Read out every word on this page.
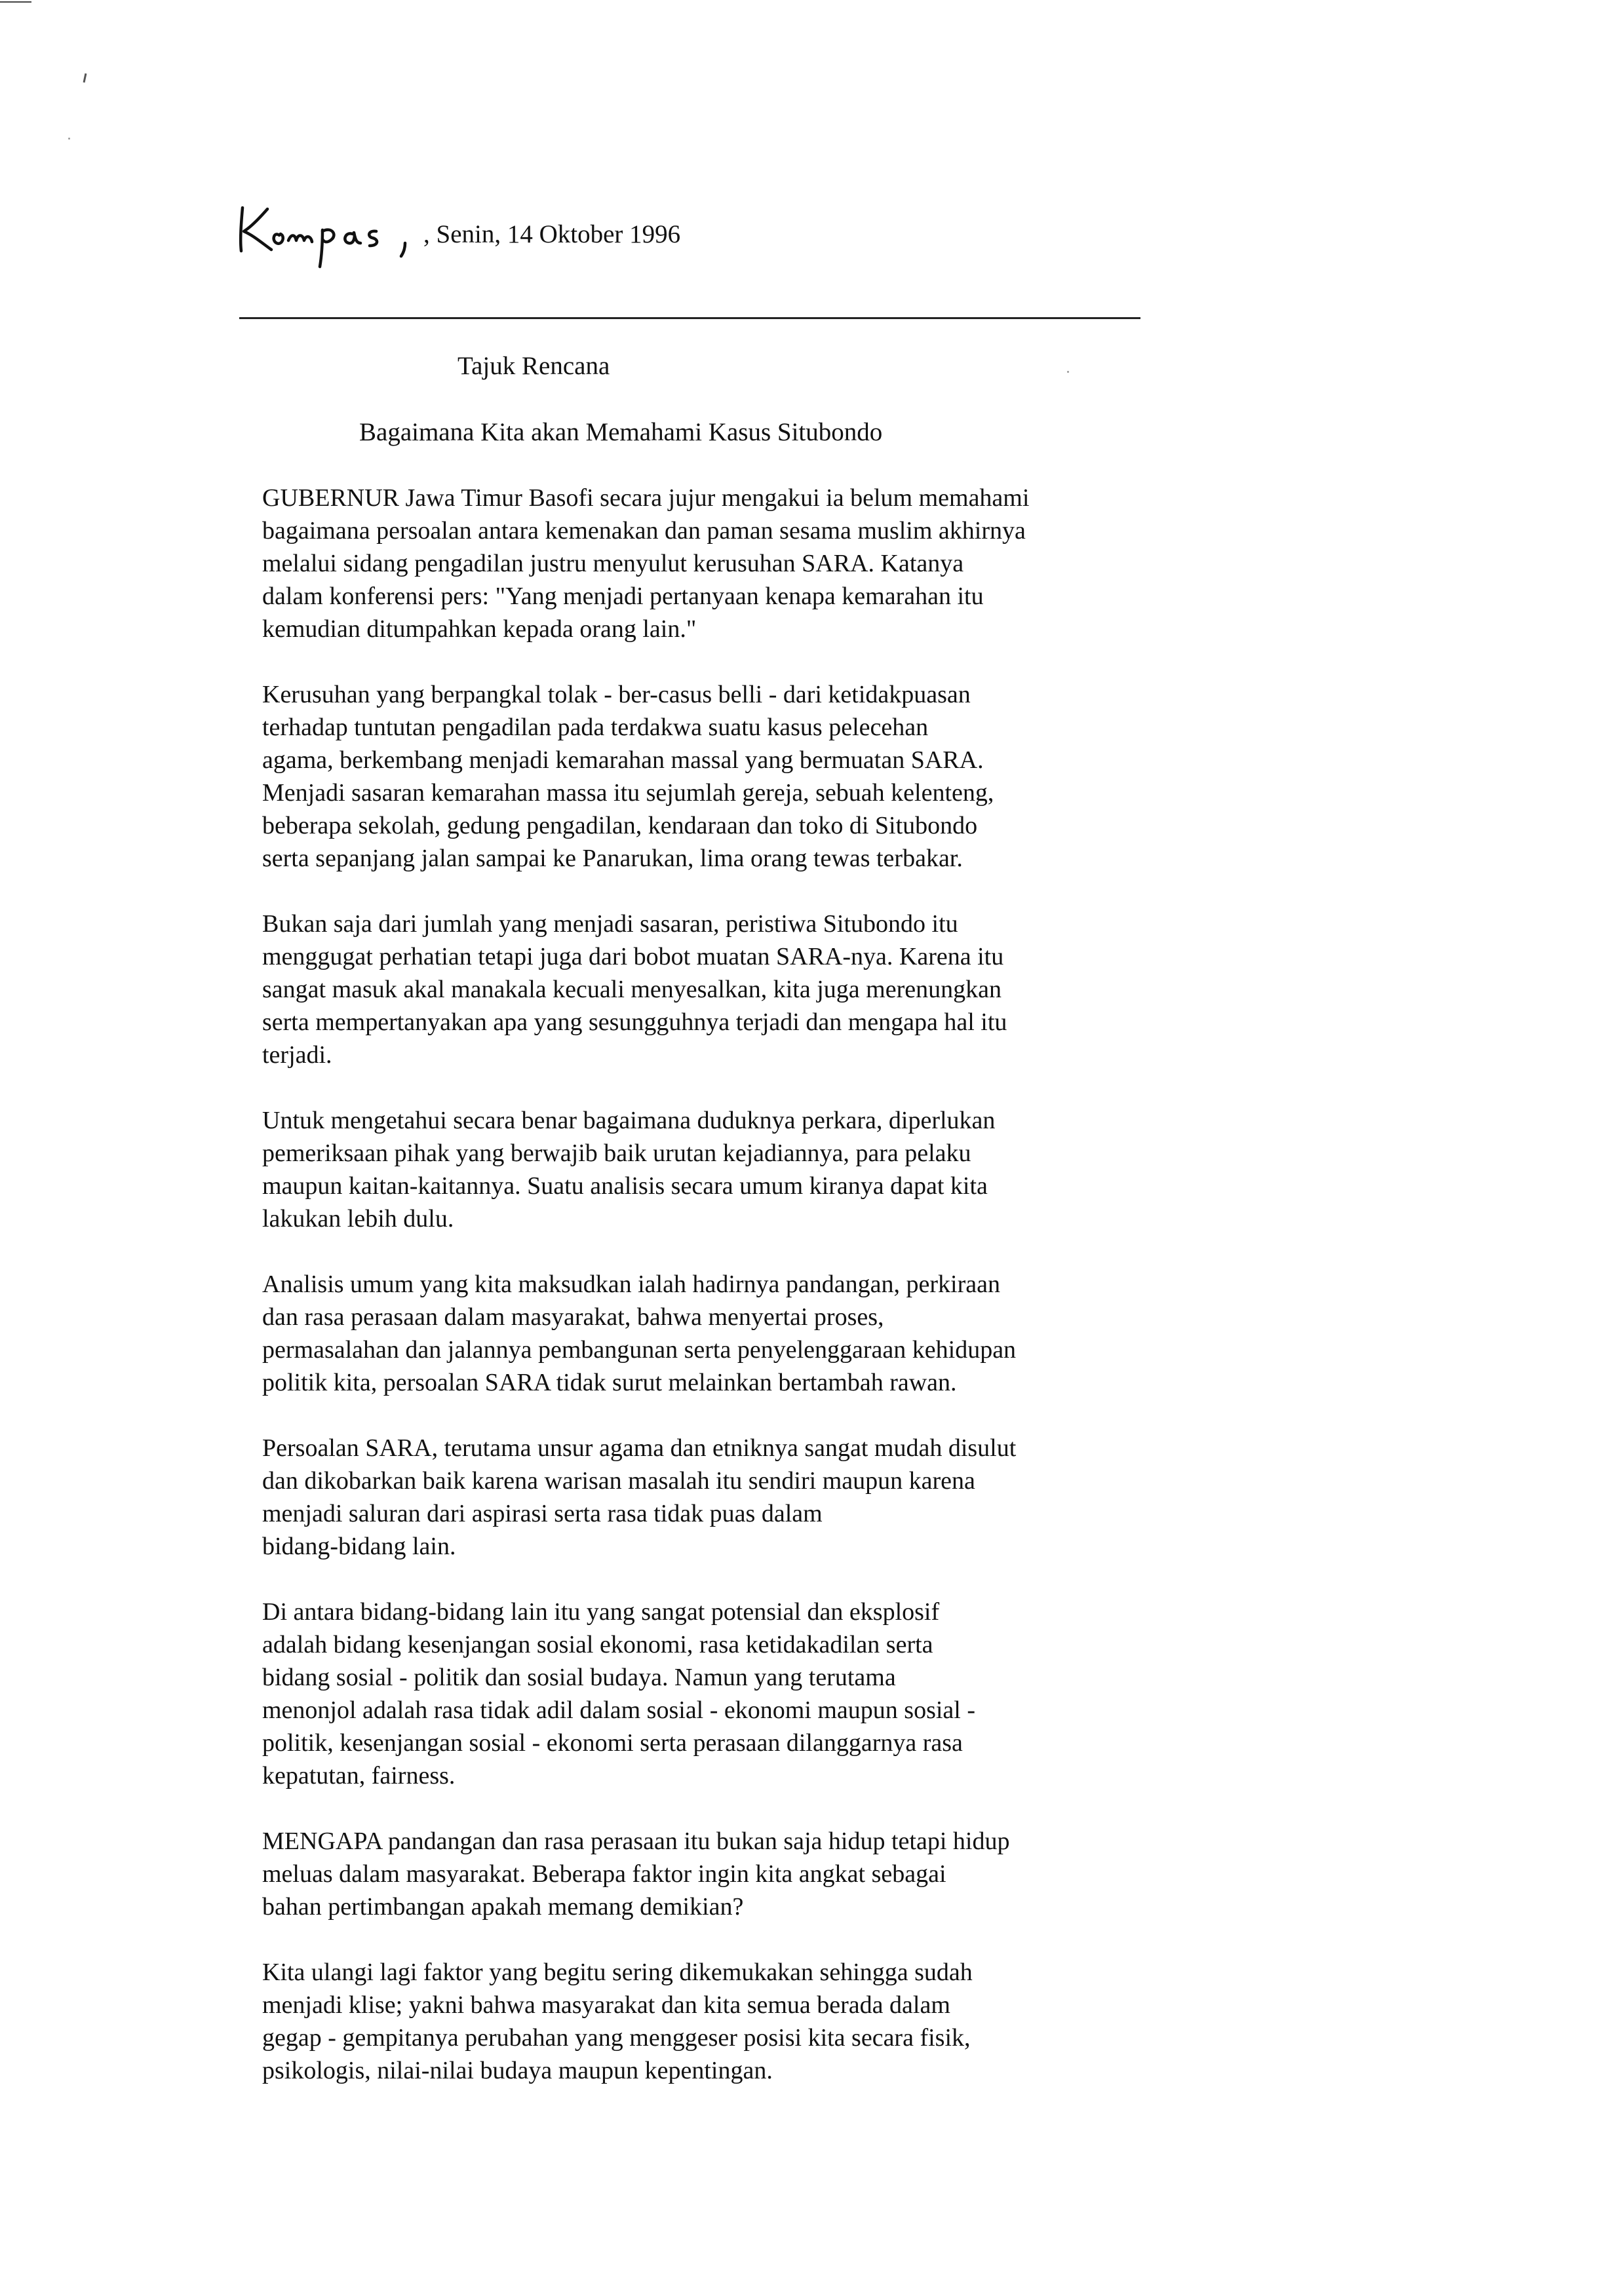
, Senin, 14 Oktober 1996
Tajuk Rencana
Bagaimana Kita akan Memahami Kasus Situbondo
GUBERNUR Jawa Timur Basofi secara jujur mengakui ia belum memahami
bagaimana persoalan antara kemenakan dan paman sesama muslim akhirnya
melalui sidang pengadilan justru menyulut kerusuhan SARA. Katanya
dalam konferensi pers: "Yang menjadi pertanyaan kenapa kemarahan itu
kemudian ditumpahkan kepada orang lain."
Kerusuhan yang berpangkal tolak - ber-casus belli - dari ketidakpuasan
terhadap tuntutan pengadilan pada terdakwa suatu kasus pelecehan
agama, berkembang menjadi kemarahan massal yang bermuatan SARA.
Menjadi sasaran kemarahan massa itu sejumlah gereja, sebuah kelenteng,
beberapa sekolah, gedung pengadilan, kendaraan dan toko di Situbondo
serta sepanjang jalan sampai ke Panarukan, lima orang tewas terbakar.
Bukan saja dari jumlah yang menjadi sasaran, peristiwa Situbondo itu
menggugat perhatian tetapi juga dari bobot muatan SARA-nya. Karena itu
sangat masuk akal manakala kecuali menyesalkan, kita juga merenungkan
serta mempertanyakan apa yang sesungguhnya terjadi dan mengapa hal itu
terjadi.
Untuk mengetahui secara benar bagaimana duduknya perkara, diperlukan
pemeriksaan pihak yang berwajib baik urutan kejadiannya, para pelaku
maupun kaitan-kaitannya. Suatu analisis secara umum kiranya dapat kita
lakukan lebih dulu.
Analisis umum yang kita maksudkan ialah hadirnya pandangan, perkiraan
dan rasa perasaan dalam masyarakat, bahwa menyertai proses,
permasalahan dan jalannya pembangunan serta penyelenggaraan kehidupan
politik kita, persoalan SARA tidak surut melainkan bertambah rawan.
Persoalan SARA, terutama unsur agama dan etniknya sangat mudah disulut
dan dikobarkan baik karena warisan masalah itu sendiri maupun karena
menjadi saluran dari aspirasi serta rasa tidak puas dalam
bidang-bidang lain.
Di antara bidang-bidang lain itu yang sangat potensial dan eksplosif
adalah bidang kesenjangan sosial ekonomi, rasa ketidakadilan serta
bidang sosial - politik dan sosial budaya. Namun yang terutama
menonjol adalah rasa tidak adil dalam sosial - ekonomi maupun sosial -
politik, kesenjangan sosial - ekonomi serta perasaan dilanggarnya rasa
kepatutan, fairness.
MENGAPA pandangan dan rasa perasaan itu bukan saja hidup tetapi hidup
meluas dalam masyarakat. Beberapa faktor ingin kita angkat sebagai
bahan pertimbangan apakah memang demikian?
Kita ulangi lagi faktor yang begitu sering dikemukakan sehingga sudah
menjadi klise; yakni bahwa masyarakat dan kita semua berada dalam
gegap - gempitanya perubahan yang menggeser posisi kita secara fisik,
psikologis, nilai-nilai budaya maupun kepentingan.
